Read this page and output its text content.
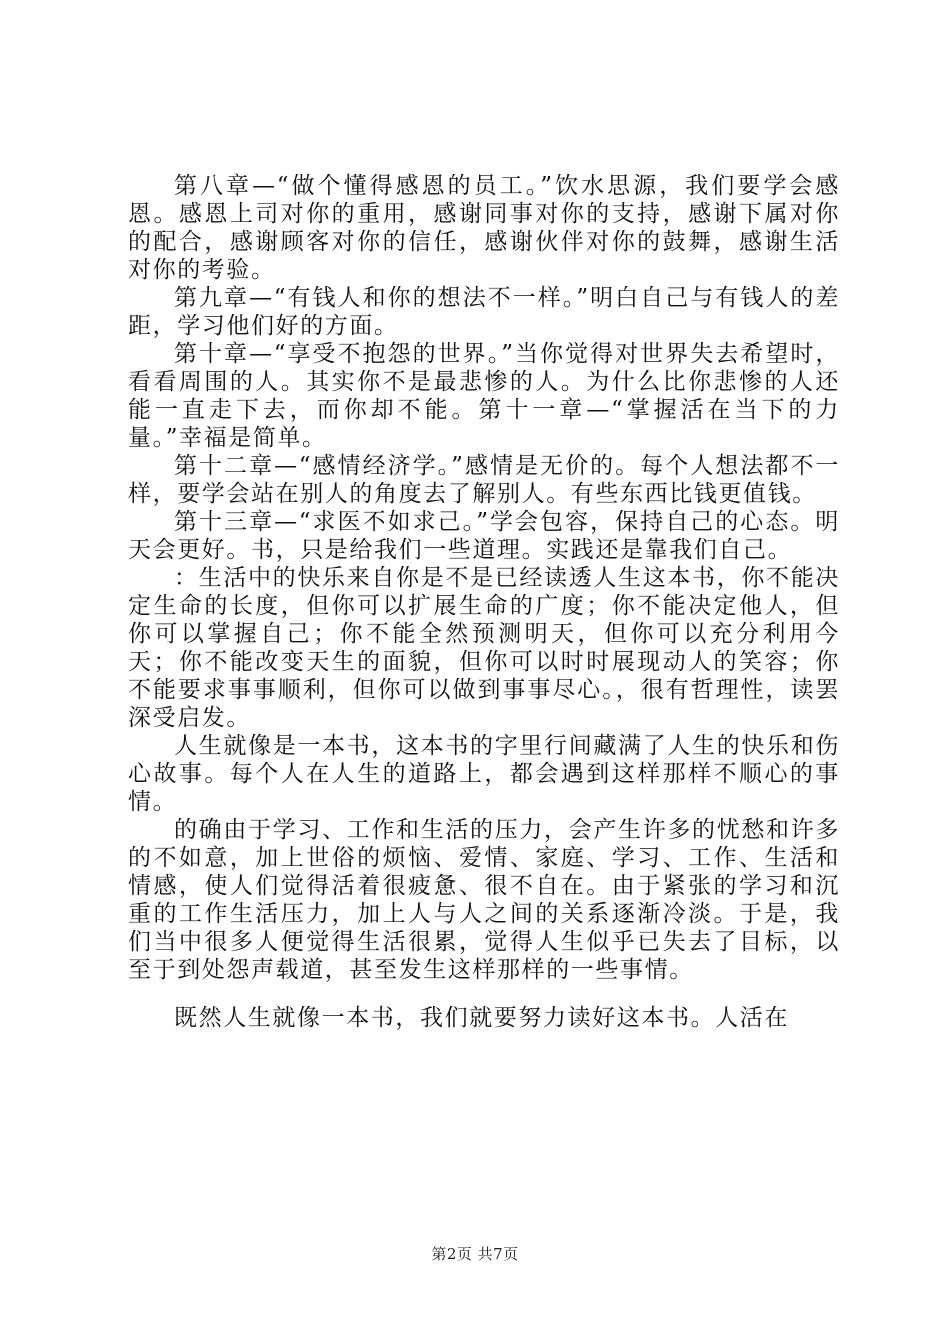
第八章—“做个懂得感恩的员工。”饮水思源，我们要学会感恩。感恩上司对你的重用，感谢同事对你的支持，感谢下属对你的配合，感谢顾客对你的信任，感谢伙伴对你的鼓舞，感谢生活对你的考验。

第九章—“有钱人和你的想法不一样。”明白自己与有钱人的差距，学习他们好的方面。

第十章—“享受不抱怨的世界。”当你觉得对世界失去希望时，看看周围的人。其实你不是最悲惨的人。为什么比你悲惨的人还能一直走下去，而你却不能。第十一章—“掌握活在当下的力量。”幸福是简单。

第十二章—“感情经济学。”感情是无价的。每个人想法都不一样，要学会站在别人的角度去了解别人。有些东西比钱更值钱。

第十三章—“求医不如求己。”学会包容，保持自己的心态。明天会更好。书，只是给我们一些道理。实践还是靠我们自己。

：生活中的快乐来自你是不是已经读透人生这本书，你不能决定生命的长度，但你可以扩展生命的广度；你不能决定他人，但你可以掌握自己；你不能全然预测明天，但你可以充分利用今天；你不能改变天生的面貌，但你可以时时展现动人的笑容；你不能要求事事顺利，但你可以做到事事尽心。，很有哲理性，读罢深受启发。

人生就像是一本书，这本书的字里行间藏满了人生的快乐和伤心故事。每个人在人生的道路上，都会遇到这样那样不顺心的事情。

的确由于学习、工作和生活的压力，会产生许多的忧愁和许多的不如意，加上世俗的烦恼、爱情、家庭、学习、工作、生活和情感，使人们觉得活着很疲惫、很不自在。由于紧张的学习和沉重的工作生活压力，加上人与人之间的关系逐渐冷淡。于是，我们当中很多人便觉得生活很累，觉得人生似乎已失去了目标，以至于到处怨声载道，甚至发生这样那样的一些事情。

既然人生就像一本书，我们就要努力读好这本书。人活在

第2页 共7页
